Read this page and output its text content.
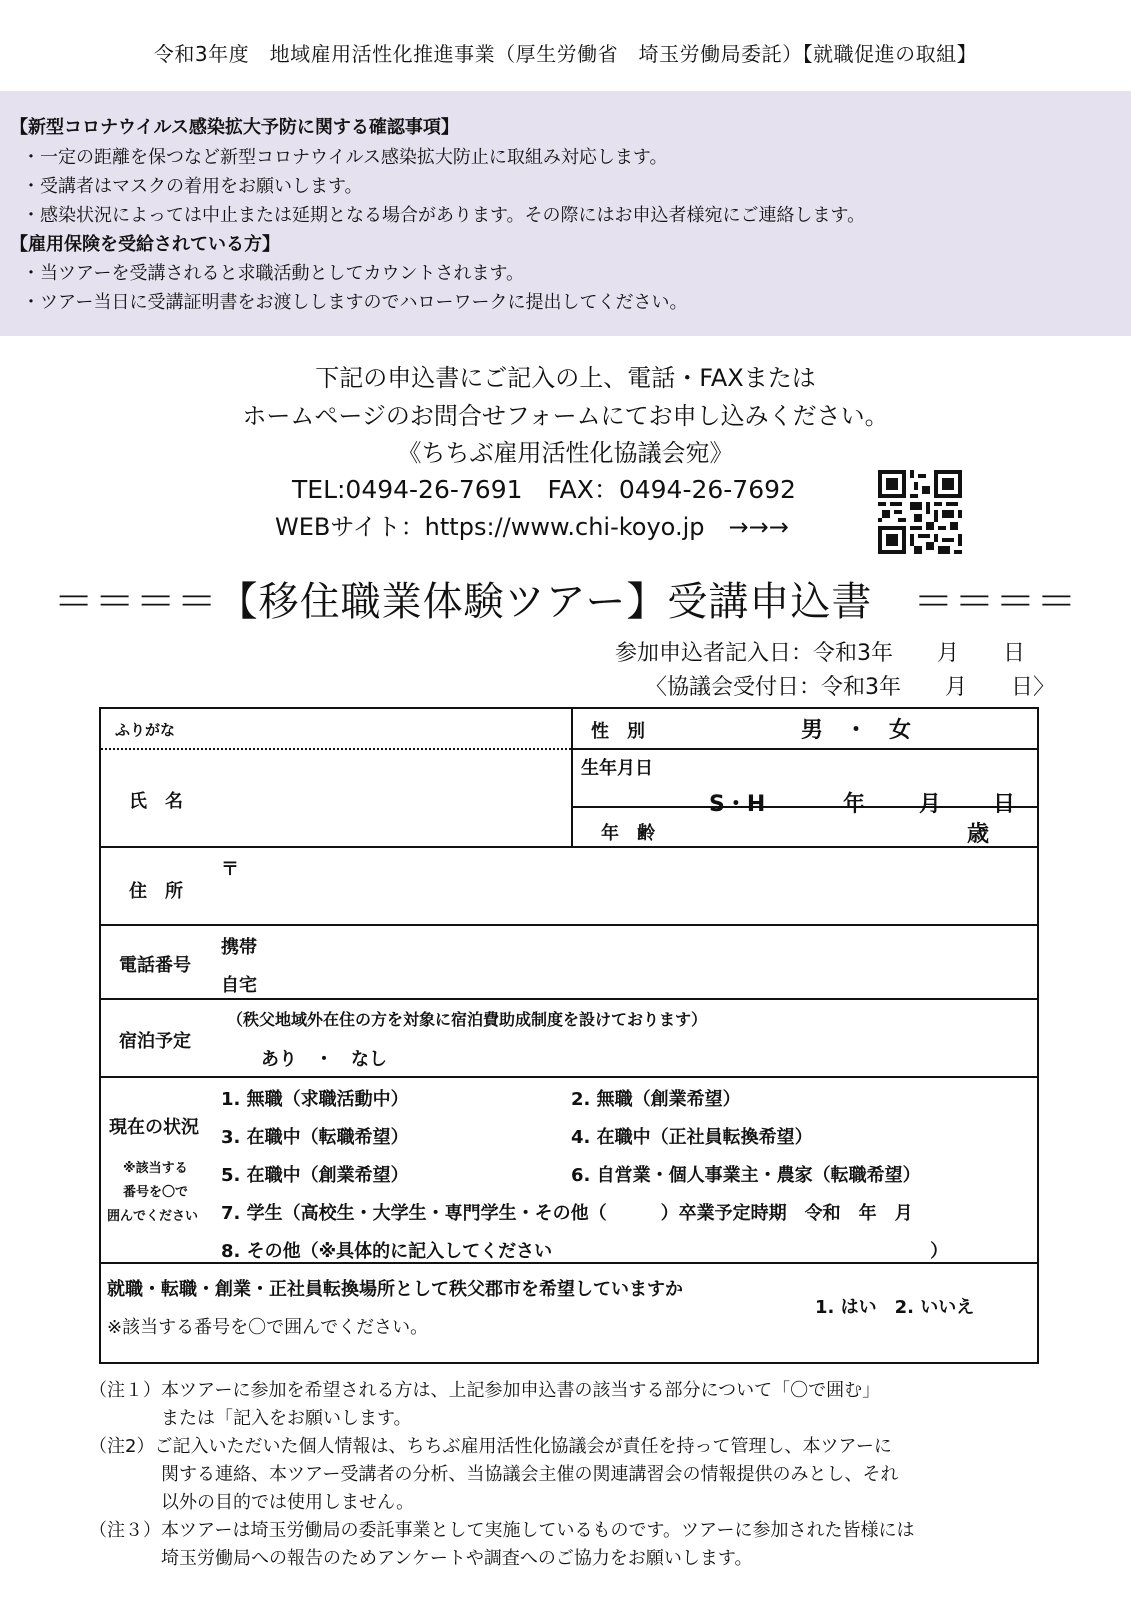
令和3年度　地域雇用活性化推進事業（厚生労働省　埼玉労働局委託）【就職促進の取組】
【新型コロナウイルス感染拡大予防に関する確認事項】
・一定の距離を保つなど新型コロナウイルス感染拡大防止に取組み対応します。
・受講者はマスクの着用をお願いします。
・感染状況によっては中止または延期となる場合があります。その際にはお申込者様宛にご連絡します。
【雇用保険を受給されている方】
・当ツアーを受講されると求職活動としてカウントされます。
・ツアー当日に受講証明書をお渡ししますのでハローワークに提出してください。
下記の申込書にご記入の上、電話・FAXまたは
ホームページのお問合せフォームにてお申し込みください。
《ちちぶ雇用活性化協議会宛》
TEL:0494-26-7691　FAX：0494-26-7692
WEBサイト：https://www.chi-koyo.jp　→→→
＝＝＝＝【移住職業体験ツアー】受講申込書　＝＝＝＝
参加申込者記入日：令和3年　　月　　日
〈協議会受付日：令和3年　　月　　日〉
ふりがな	性　別	男　・　女
氏　名
生年月日
S・H	年 月 日
年　齢	歳
住　所
〒
電話番号
携帯
自宅
宿泊予定
（秩父地域外在住の方を対象に宿泊費助成制度を設けております）
あり　・　なし
現在の状況
※該当する
番号を〇で
囲んでください
1. 無職（求職活動中）	2. 無職（創業希望）
3. 在職中（転職希望）	4. 在職中（正社員転換希望）
5. 在職中（創業希望）	6. 自営業・個人事業主・農家（転職希望）
7. 学生（高校生・大学生・専門学生・その他（　　　）卒業予定時期　令和　年　月
8. その他（※具体的に記入してください　　　　　　　　　　　　　　　　　　　　　）
就職・転職・創業・正社員転換場所として秩父郡市を希望していますか
※該当する番号を〇で囲んでください。
1. はい　2. いいえ
（注１）本ツアーに参加を希望される方は、上記参加申込書の該当する部分について「〇で囲む」
　　　　または「記入をお願いします。
（注2）ご記入いただいた個人情報は、ちちぶ雇用活性化協議会が責任を持って管理し、本ツアーに
　　　　関する連絡、本ツアー受講者の分析、当協議会主催の関連講習会の情報提供のみとし、それ
　　　　以外の目的では使用しません。
（注３）本ツアーは埼玉労働局の委託事業として実施しているものです。ツアーに参加された皆様には
　　　　埼玉労働局への報告のためアンケートや調査へのご協力をお願いします。
